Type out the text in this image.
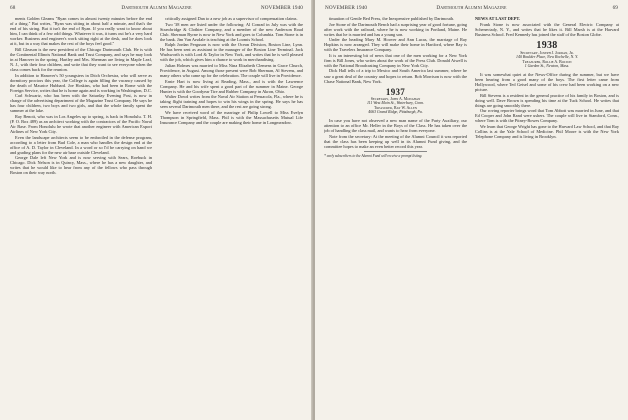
68	Dartmouth Alumni Magazine	NOVEMBER 1940

ments Golden Gleams "Ryan comes in almost twenty minutes before the end of a thing." But writes, "Ryan was sitting in about half a minute, and that's the end of his string. But it isn't the end of Ryan. If you really want to know about him, I can think of a few odd things. Whatever it was, it turns out he's a very hard worker. Business and engineer's work sitting right at the desk, and he does look at it, but in a way that makes the rest of the boys feel good."

Bill Gleason is the new president of the Chicago Dartmouth Club. He is with the Continental Illinois National Bank and Trust Company, and says he may look in at Hanover in the spring. Hartley and Mrs. Sherman are living in Maple Leaf, N. J., with their four children, and write that they want to see everyone when the class comes back for the reunion.

In addition to Hanover's 50 youngsters in Ditch Orchestra, who will serve as dormitory proctors this year, the College is again filling the vacancy caused by the death of Maurice Hubbard. Joe Hoskins, who had been in Rome with the Foreign Service, writes that he is home again and is working in Washington, D.C.

Carl Schwartz, who has been with the Saturday Evening Post, is now in charge of the advertising department of the Magazine Trust Company. He says he has four children, two boys and two girls, and that the whole family spent the summer at the lake.

Ray Benoit, who was in Los Angeles up to spring, is back in Honolulu. T. H. (P. O. Box 489) as an architect working with the contractors of the Pacific Naval Air Base. From Honolulu he wrote that another engineer with American Export Airlines of New York City.

Even the landscape architects seem to be embroiled in the defense program, according to a letter from Bud Cole, a man who handles the design end at the office of A. D. Taylor in Cleveland. In a word or so I'd be carrying on hand we and grading plans for the new air base outside Cleveland.

George Dale left New York and is now serving with Sears, Roebuck in Chicago. Dick Nelson is in Quincy, Mass., where he has a new daughter, and writes that he would like to hear from any of the fellows who pass through Boston on their way north.

critically assigned Dan to a new job as a supervisor of compensation claims.

Two '38 men are listed under the following: Al Conrad in July was with the Strawbridge & Clothier Company, and a member of the new Anderson Road Club. Sherman Byrne is now in New York and goes to Columbia. Tom Stone is in the bank. Jim Van Arsdale is teaching at the Loomis School.

Ralph Jordan Ferguson is now with the Ocean Division, Boston Line, Lynn. He has been sent as assistant to the manager of the Boston Line Terminal. Jack Wadsworth is with Lord & Taylor in New York, and writes that he is well pleased with the job, which gives him a chance to work in merchandising.

Julian Holmes was married to Miss Nina Elizabeth Clemens in Grace Church, Providence, in August. Among those present were Bob Sherman, Al Stevens, and many others who came up for the celebration. The couple will live in Providence.

Ernie Hart is now living at Reading, Mass., and is with the Lawrence Company. He and his wife spent a good part of the summer in Maine. George Hunter is with the Goodyear Tire and Rubber Company in Akron, Ohio.

Walter Dowd writes from the Naval Air Station at Pensacola, Fla., where he is taking flight training and hopes to win his wings in the spring. He says he has seen several Dartmouth men there, and the rest are going strong.

We have received word of the marriage of Philip Lowell to Miss Evelyn Thompson in Springfield, Mass. Phil is with the Massachusetts Mutual Life Insurance Company and the couple are making their home in Longmeadow.

NOVEMBER 1940	Dartmouth Alumni Magazine	69

tinuation of Gentle Bed Press, the Inexpensive published by Dartmouth.

Joe Stone of the Dartmouth Bench had a surprising year of good fortune, going after work with the railroad, where he is now working in Portland, Maine. He writes that he is married and has a young son.

Under the heading Mary M. Hoover and Ann Lucas, the marriage of Ray Hopkins is now arranged. They will make their home in Hartford, where Ray is with the Travelers Insurance Company.

It is an interesting bit of news that one of the men working for a New York firm is Bill Jones, who writes about the work of the Press Club. Donald Atwell is with the National Broadcasting Company in New York City.

Dick Hall tells of a trip to Mexico and South America last summer, where he saw a great deal of the country and hopes to return. Bob Morrison is now with the Chase National Bank, New York.

1937
Secretary, John A. Monahan
111 West Main St., Waterbury, Conn.
Treasurer, Ray W. Allen
4063 Grand Ridge, Pittsburgh, Pa.

In case you have not observed a new man name of the Party Auxiliary, our attention to an office Mr. Heller in the Boys of the Class. He has taken over the job of handling the class mail, and wants to hear from everyone.

Note from the secretary: At the meeting of the Alumni Council it was reported that the class has been keeping up well in its Alumni Fund giving, and the committee hopes to make an even better record this year.

* early subscribers to the Alumni Fund will receive a prompt listing.

NEWS AT LAST DEPT.

Frank Stone is now associated with the General Electric Company at Schenectady, N. Y., and writes that he likes it. Bill Marsh is at the Harvard Business School. Fred Kennedy has joined the staff of the Boston Globe.

1938
Secretary, Joseph J. Jordan, Jr.
140 Boulder Place, New Rochelle, N. Y.
Treasurer, Rollie A. Bolton
1 Garden St., Newton, Mass.

It was somewhat quiet at the News-Office during the summer, but we have been hearing from a good many of the boys. The first letter came from Hollywood, where Ted Geisel and some of his crew had been working on a new picture.

Bill Stevens is a resident in the general practice of his family in Boston, and is doing well. Dave Brown is spending his time at the Tuck School. He writes that things are going smoothly there.

Our roving reporter brings word that Tom Abbott was married in June, and that Ed Cooper and John Rand were ushers. The couple will live in Stamford, Conn., where Tom is with the Pitney-Bowes Company.

We learn that George Wright has gone to the Harvard Law School, and that Ray Collins is at the Yale School of Medicine. Phil Moore is with the New York Telephone Company and is living in Brooklyn.
